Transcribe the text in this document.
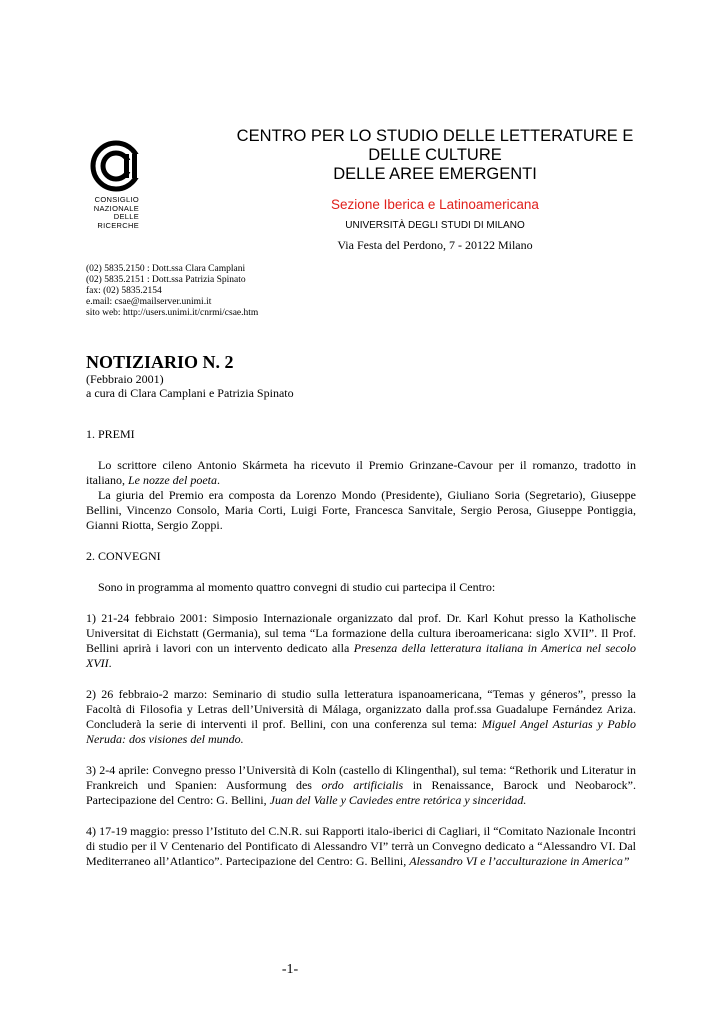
CONSIGLIO
NAZIONALE
DELLE
RICERCHE
CENTRO PER LO STUDIO DELLE LETTERATURE E
DELLE CULTURE
DELLE AREE EMERGENTI
Sezione Iberica e Latinoamericana
UNIVERSITÀ DEGLI STUDI DI MILANO
Via Festa del Perdono, 7 - 20122 Milano
(02) 5835.2150 : Dott.ssa Clara Camplani
(02) 5835.2151 : Dott.ssa Patrizia Spinato
fax: (02) 5835.2154
e.mail: csae@mailserver.unimi.it
sito web: http://users.unimi.it/cnrmi/csae.htm
NOTIZIARIO N. 2
(Febbraio 2001)
a cura di Clara Camplani e Patrizia Spinato

1. PREMI

Lo scrittore cileno Antonio Skármeta ha ricevuto il Premio Grinzane-Cavour per il romanzo, tradotto in italiano, Le nozze del poeta.

La giuria del Premio era composta da Lorenzo Mondo (Presidente), Giuliano Soria (Segretario), Giuseppe Bellini, Vincenzo Consolo, Maria Corti, Luigi Forte, Francesca Sanvitale, Sergio Perosa, Giuseppe Pontiggia, Gianni Riotta, Sergio Zoppi.

2. CONVEGNI

Sono in programma al momento quattro convegni di studio cui partecipa il Centro:

1) 21-24 febbraio 2001: Simposio Internazionale organizzato dal prof. Dr. Karl Kohut presso la Katholische Universitat di Eichstatt (Germania), sul tema “La formazione della cultura iberoamericana: siglo XVII”. Il Prof. Bellini aprirà i lavori con un intervento dedicato alla Presenza della letteratura italiana in America nel secolo XVII.

2) 26 febbraio-2 marzo: Seminario di studio sulla letteratura ispanoamericana, “Temas y géneros”, presso la Facoltà di Filosofia y Letras dell’Università di Málaga, organizzato dalla prof.ssa Guadalupe Fernández Ariza. Concluderà la serie di interventi il prof. Bellini, con una conferenza sul tema: Miguel Angel Asturias y Pablo Neruda: dos visiones del mundo.

3) 2-4 aprile: Convegno presso l’Università di Koln (castello di Klingenthal), sul tema: “Rethorik und Literatur in Frankreich und Spanien: Ausformung des ordo artificialis in Renaissance, Barock und Neobarock”. Partecipazione del Centro: G. Bellini, Juan del Valle y Caviedes entre retórica y sinceridad.

4) 17-19 maggio: presso l’Istituto del C.N.R. sui Rapporti italo-iberici di Cagliari, il “Comitato Nazionale Incontri di studio per il V Centenario del Pontificato di Alessandro VI” terrà un Convegno dedicato a “Alessandro VI. Dal Mediterraneo all’Atlantico”. Partecipazione del Centro: G. Bellini, Alessandro VI e l’acculturazione in America”

-1-
